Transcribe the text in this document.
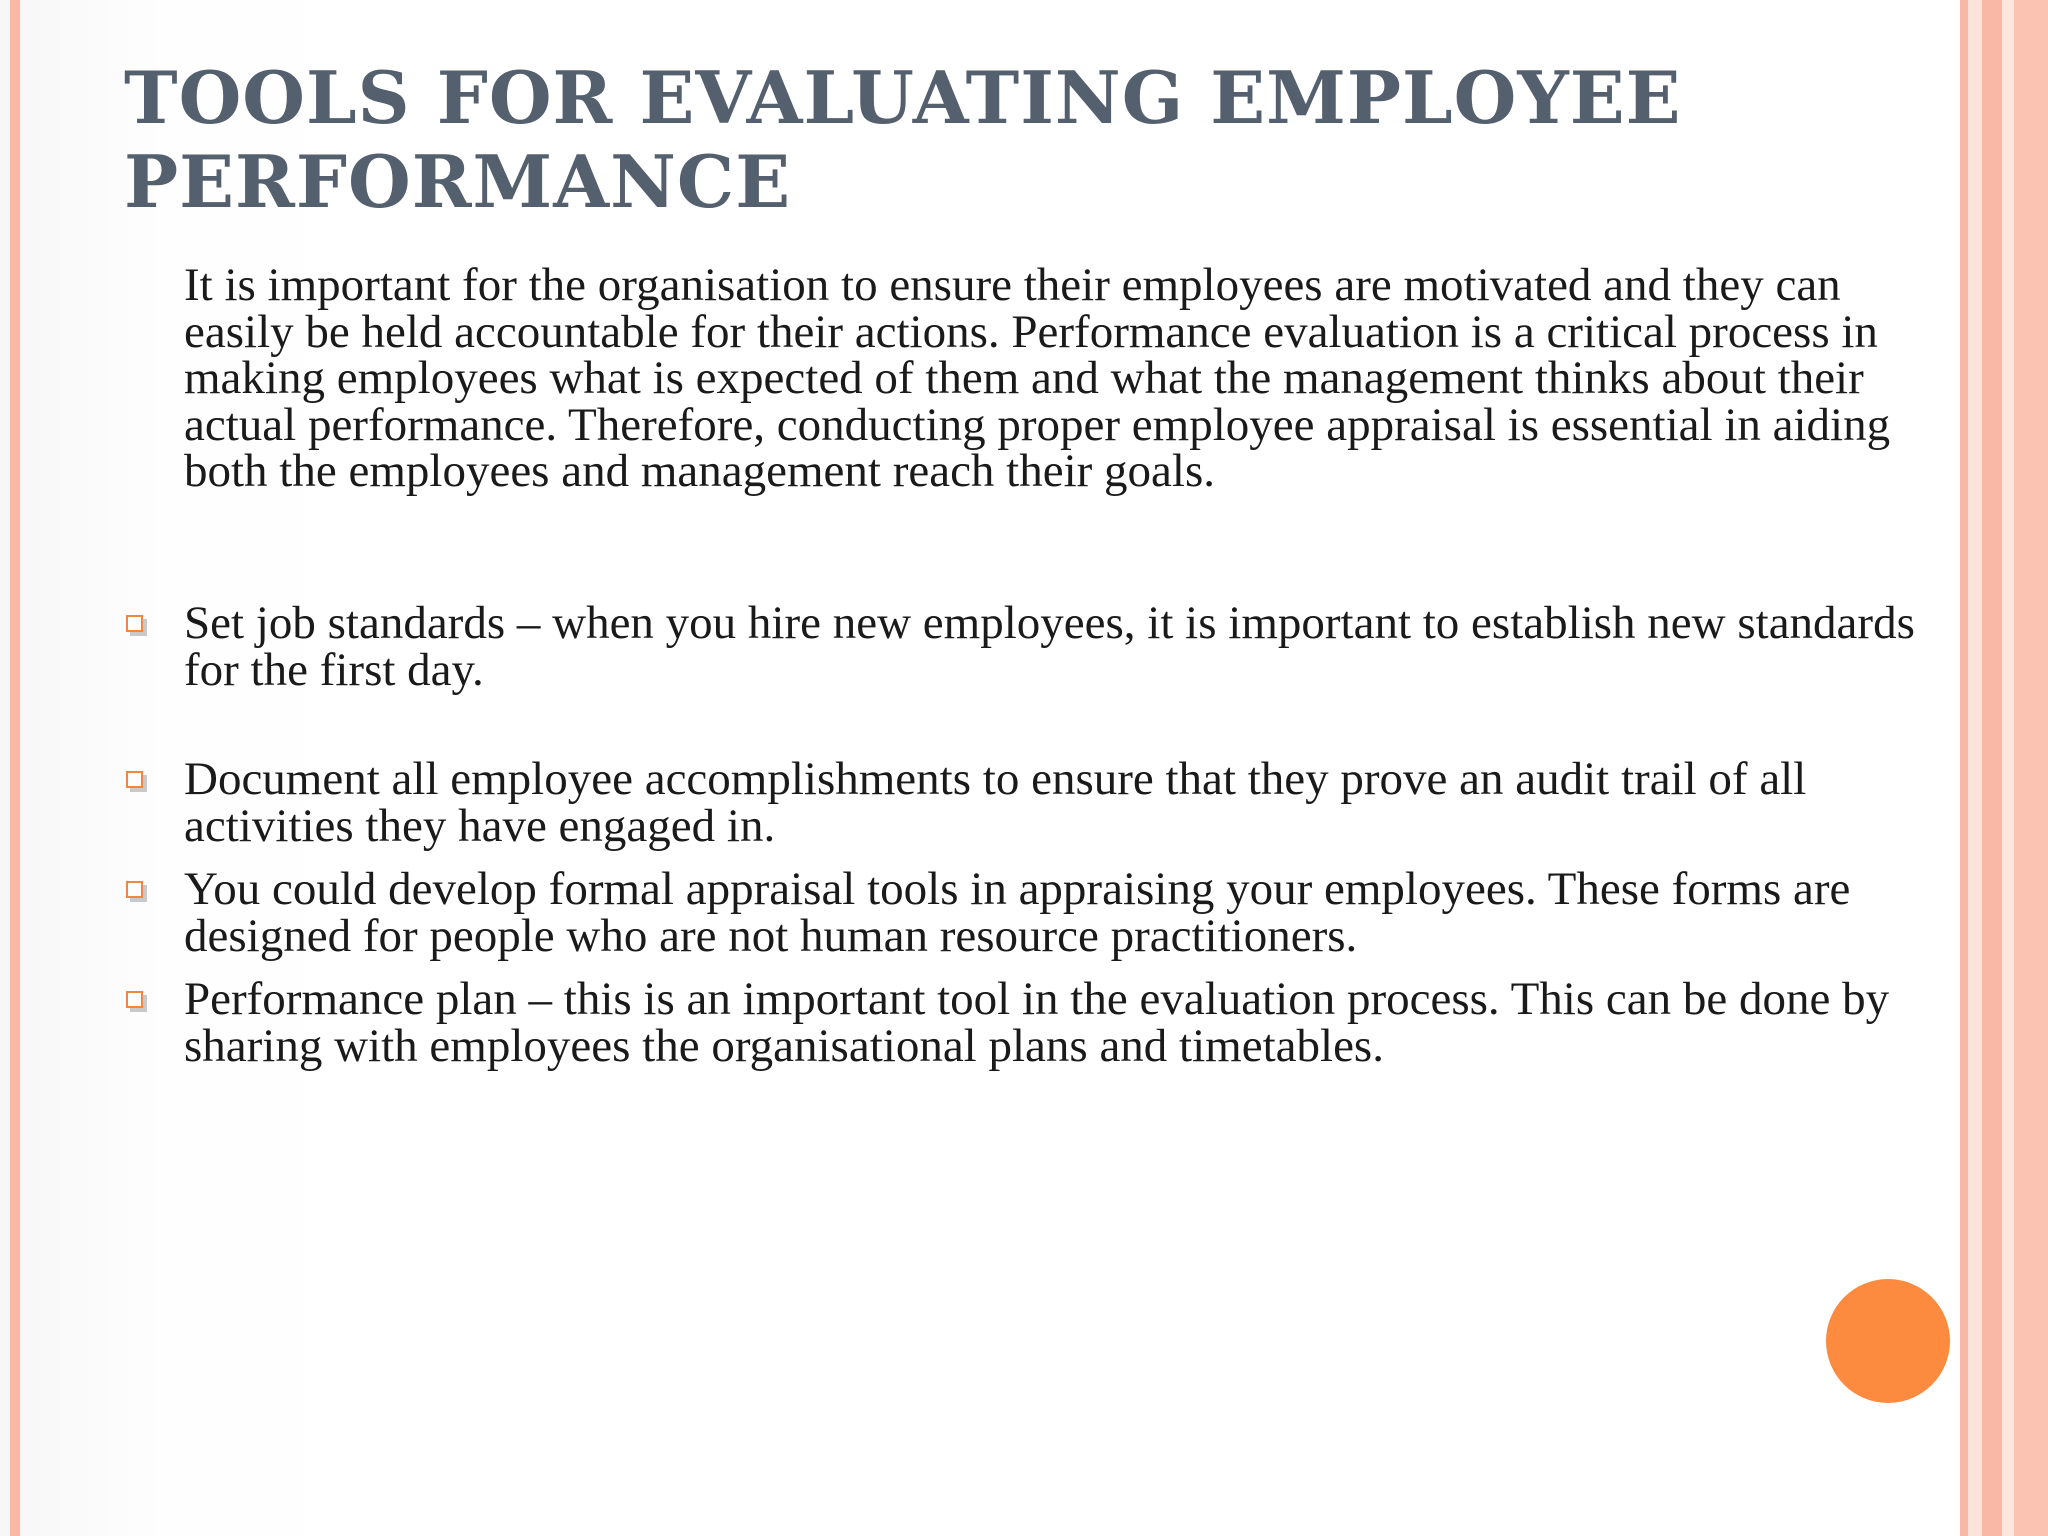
TOOLS FOR EVALUATING EMPLOYEE PERFORMANCE

It is important for the organisation to ensure their employees are motivated and they can easily be held accountable for their actions. Performance evaluation is a critical process in making employees what is expected of them and what the management thinks about their actual performance. Therefore, conducting proper employee appraisal is essential in aiding both the employees and management reach their goals.

Set job standards – when you hire new employees, it is important to establish new standards for the first day.
Document all employee accomplishments to ensure that they prove an audit trail of all activities they have engaged in.
You could develop formal appraisal tools in appraising your employees. These forms are designed for people who are not human resource practitioners.
Performance plan – this is an important tool in the evaluation process. This can be done by sharing with employees the organisational plans and timetables.
